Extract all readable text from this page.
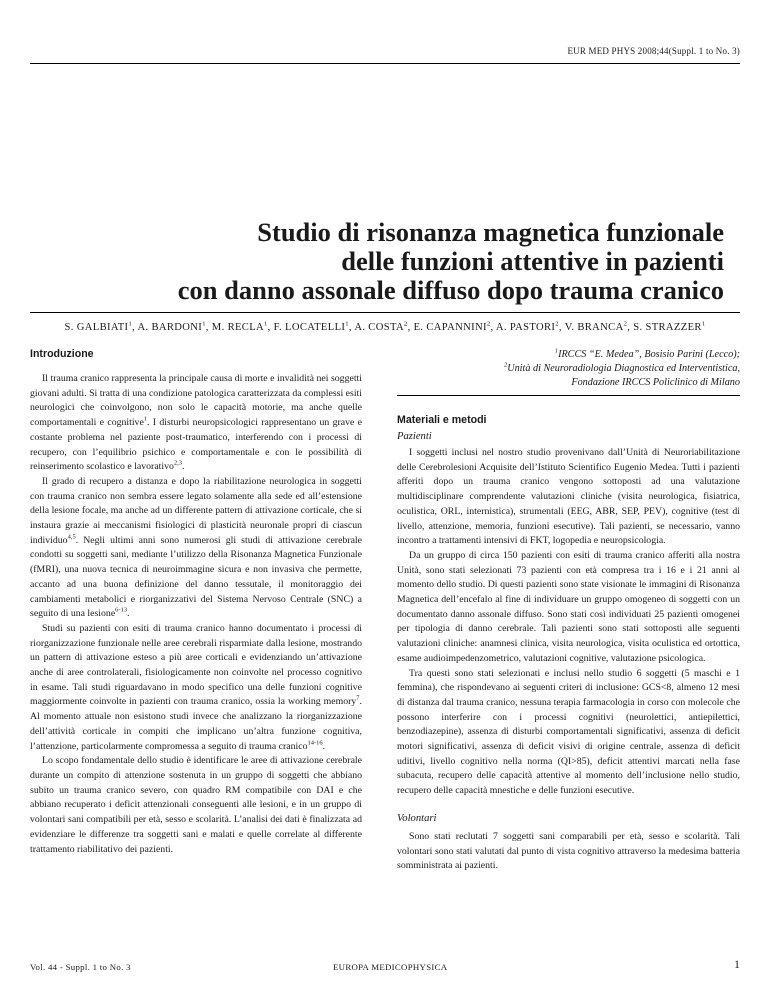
EUR MED PHYS 2008;44(Suppl. 1 to No. 3)
Studio di risonanza magnetica funzionale
delle funzioni attentive in pazienti
con danno assonale diffuso dopo trauma cranico
S. GALBIATI$^1$, A. BARDONI$^1$, M. RECLA$^1$, F. LOCATELLI$^1$, A. COSTA$^2$, E. CAPANNINI$^2$, A. PASTORI$^2$, V. BRANCA$^2$, S. STRAZZER$^1$
Introduzione

Il trauma cranico rappresenta la principale causa di morte e invalidità nei soggetti giovani adulti. Si tratta di una condizione patologica caratterizzata da complessi esiti neurologici che coinvolgono, non solo le capacità motorie, ma anche quelle comportamentali e cognitive$^1$. I disturbi neuropsicologici rappresentano un grave e costante problema nel paziente post-traumatico, interferendo con i processi di recupero, con l’equilibrio psichico e comportamentale e con le possibilità di reinserimento scolastico e lavorativo$^{2,3}$.

Il grado di recupero a distanza e dopo la riabilitazione neurologica in soggetti con trauma cranico non sembra essere legato solamente alla sede ed all’estensione della lesione focale, ma anche ad un differente pattern di attivazione corticale, che si instaura grazie ai meccanismi fisiologici di plasticità neuronale propri di ciascun individuo$^{4,5}$. Negli ultimi anni sono numerosi gli studi di attivazione cerebrale condotti su soggetti sani, mediante l’utilizzo della Risonanza Magnetica Funzionale (fMRI), una nuova tecnica di neuroimmagine sicura e non invasiva che permette, accanto ad una buona definizione del danno tessutale, il monitoraggio dei cambiamenti metabolici e riorganizzativi del Sistema Nervoso Centrale (SNC) a seguito di una lesione$^{6-13}$.

Studi su pazienti con esiti di trauma cranico hanno documentato i processi di riorganizzazione funzionale nelle aree cerebrali risparmiate dalla lesione, mostrando un pattern di attivazione esteso a più aree corticali e evidenziando un’attivazione anche di aree controlaterali, fisiologicamente non coinvolte nel processo cognitivo in esame. Tali studi riguardavano in modo specifico una delle funzioni cognitive maggiormente coinvolte in pazienti con trauma cranico, ossia la working memory$^7$. Al momento attuale non esistono studi invece che analizzano la riorganizzazione dell’attività corticale in compiti che implicano un’altra funzione cognitiva, l’attenzione, particolarmente compromessa a seguito di trauma cranico$^{14-16}$.

Lo scopo fondamentale dello studio è identificare le aree di attivazione cerebrale durante un compito di attenzione sostenuta in un gruppo di soggetti che abbiano subito un trauma cranico severo, con quadro RM compatibile con DAI e che abbiano recuperato i deficit attenzionali conseguenti alle lesioni, e in un gruppo di volontari sani compatibili per età, sesso e scolarità. L’analisi dei dati è finalizzata ad evidenziare le differenze tra soggetti sani e malati e quelle correlate al differente trattamento riabilitativo dei pazienti.

$^1$IRCCS “E. Medea”, Bosisio Parini (Lecco);
$^2$Unità di Neuroradiologia Diagnostica ed Interventistica,
Fondazione IRCCS Policlinico di Milano
Materiali e metodi
Pazienti

I soggetti inclusi nel nostro studio provenivano dall’Unità di Neuroriabilitazione delle Cerebrolesioni Acquisite dell’Istituto Scientifico Eugenio Medea. Tutti i pazienti afferiti dopo un trauma cranico vengono sottoposti ad una valutazione multidisciplinare comprendente valutazioni cliniche (visita neurologica, fisiatrica, oculistica, ORL, internistica), strumentali (EEG, ABR, SEP, PEV), cognitive (test di livello, attenzione, memoria, funzioni esecutive). Tali pazienti, se necessario, vanno incontro a trattamenti intensivi di FKT, logopedia e neuropsicologia.

Da un gruppo di circa 150 pazienti con esiti di trauma cranico afferiti alla nostra Unità, sono stati selezionati 73 pazienti con età compresa tra i 16 e i 21 anni al momento dello studio. Di questi pazienti sono state visionate le immagini di Risonanza Magnetica dell’encefalo al fine di individuare un gruppo omogeneo di soggetti con un documentato danno assonale diffuso. Sono stati così individuati 25 pazienti omogenei per tipologia di danno cerebrale. Tali pazienti sono stati sottoposti alle seguenti valutazioni cliniche: anamnesi clinica, visita neurologica, visita oculistica ed ortottica, esame audioimpedenzometrico, valutazioni cognitive, valutazione psicologica.

Tra questi sono stati selezionati e inclusi nello studio 6 soggetti (5 maschi e 1 femmina), che rispondevano ai seguenti criteri di inclusione: GCS<8, almeno 12 mesi di distanza dal trauma cranico, nessuna terapia farmacologia in corso con molecole che possono interferire con i processi cognitivi (neurolettici, antiepilettici, benzodiazepine), assenza di disturbi comportamentali significativi, assenza di deficit motori significativi, assenza di deficit visivi di origine centrale, assenza di deficit uditivi, livello cognitivo nella norma (QI>85), deficit attentivi marcati nella fase subacuta, recupero delle capacità attentive al momento dell’inclusione nello studio, recupero delle capacità mnestiche e delle funzioni esecutive.

Volontari

Sono stati reclutati 7 soggetti sani comparabili per età, sesso e scolarità. Tali volontari sono stati valutati dal punto di vista cognitivo attraverso la medesima batteria somministrata ai pazienti.

Vol. 44 - Suppl. 1 to No. 3	EUROPA MEDICOPHYSICA	1
